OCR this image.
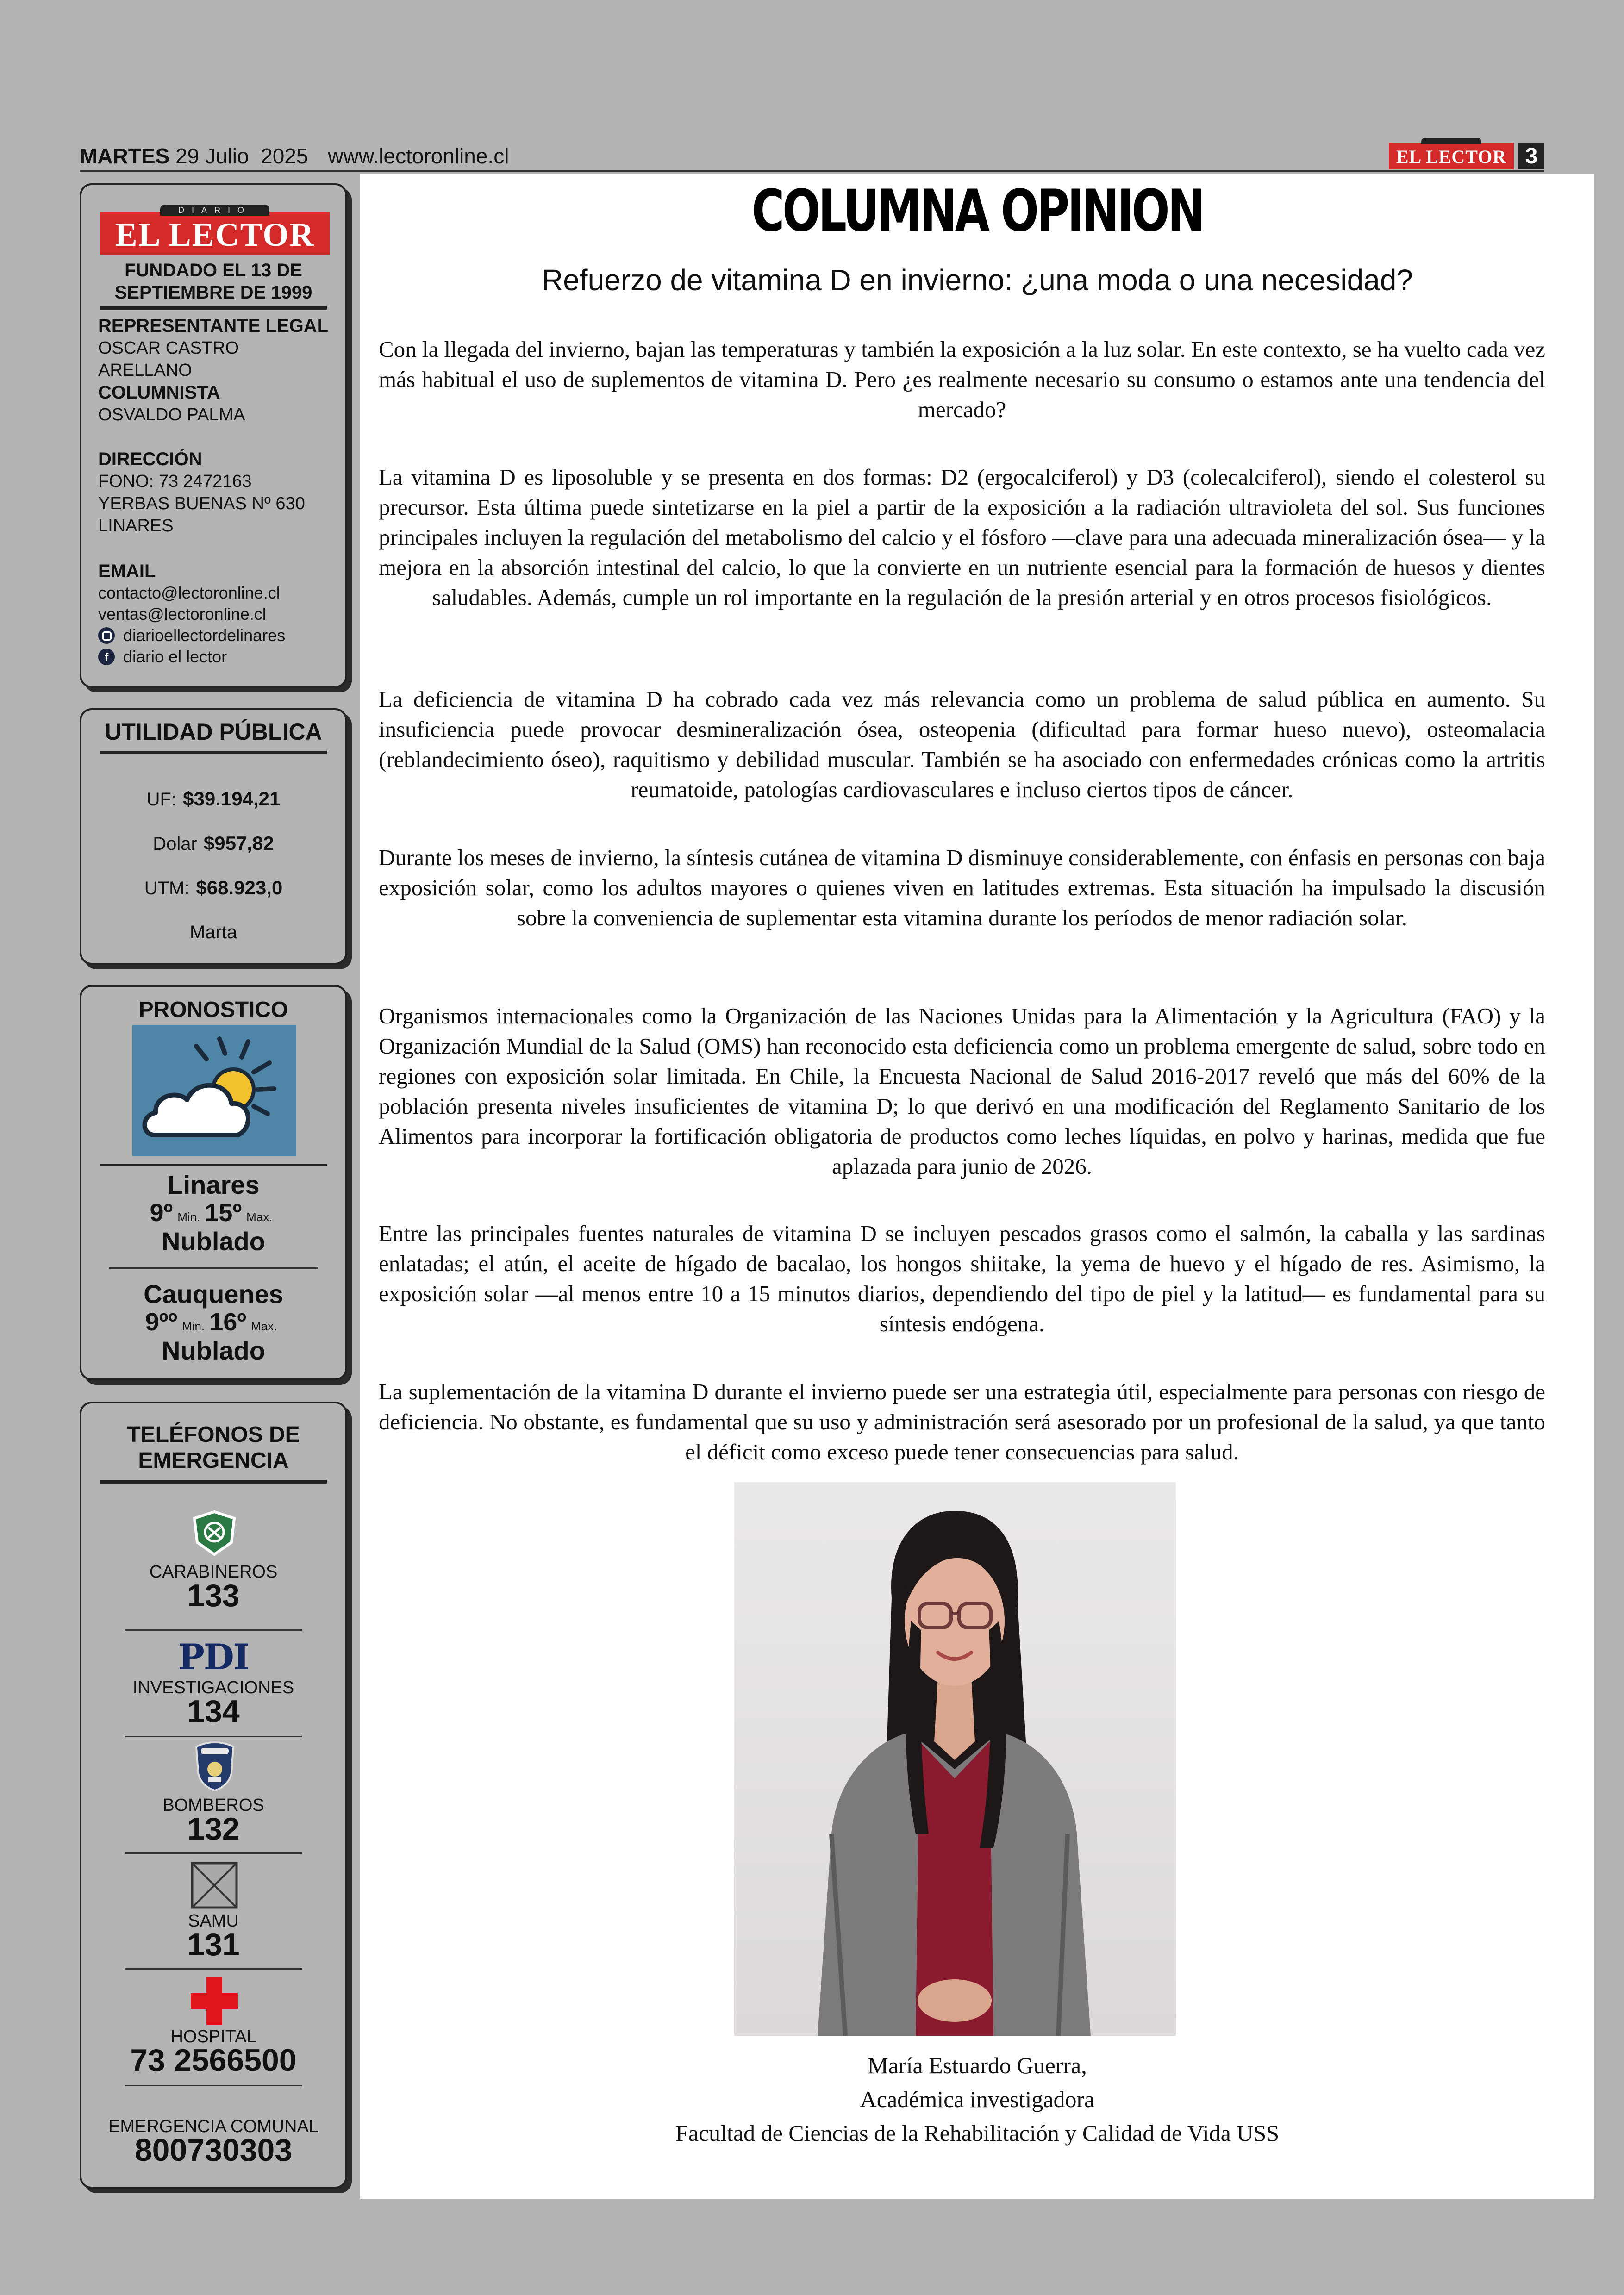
MARTES 29 Julio 2025 www.lectoronline.cl	EL LECTOR 3
EL LECTOR
DIARIO
FUNDADO EL 13 DE SEPTIEMBRE DE 1999
REPRESENTANTE LEGAL
OSCAR CASTRO ARELLANO
COLUMNISTA
OSVALDO PALMA
DIRECCIÓN
FONO: 73 2472163
YERBAS BUENAS Nº 630
LINARES
EMAIL
contacto@lectoronline.cl
ventas@lectoronline.cl
diarioellectordelinares
f diario el lector
UTILIDAD PÚBLICA
UF: $39.194,21
Dolar $957,82
UTM: $68.923,0
Marta
PRONOSTICO
Linares
9º Min. 15º Max.
Nublado
Cauquenes
9ºº Min. 16º Max.
Nublado
TELÉFONOS DE EMERGENCIA
CARABINEROS
133
PDI
INVESTIGACIONES
134
BOMBEROS
132
SAMU
131
HOSPITAL
73 2566500
EMERGENCIA COMUNAL
800730303
COLUMNA OPINION
Refuerzo de vitamina D en invierno: ¿una moda o una necesidad?
Con la llegada del invierno, bajan las temperaturas y también la exposición a la luz solar. En este contexto, se ha vuelto cada vez más habitual el uso de suplementos de vitamina D. Pero ¿es realmente necesario su consumo o estamos ante una tendencia del mercado?
La vitamina D es liposoluble y se presenta en dos formas: D2 (ergocalciferol) y D3 (colecalciferol), siendo el colesterol su precursor. Esta última puede sintetizarse en la piel a partir de la exposición a la radiación ultravioleta del sol. Sus funciones principales incluyen la regulación del metabolismo del calcio y el fósforo —clave para una adecuada mineralización ósea— y la mejora en la absorción intestinal del calcio, lo que la convierte en un nutriente esencial para la formación de huesos y dientes saludables. Además, cumple un rol importante en la regulación de la presión arterial y en otros procesos fisiológicos.
La deficiencia de vitamina D ha cobrado cada vez más relevancia como un problema de salud pública en aumento. Su insuficiencia puede provocar desmineralización ósea, osteopenia (dificultad para formar hueso nuevo), osteomalacia (reblandecimiento óseo), raquitismo y debilidad muscular. También se ha asociado con enfermedades crónicas como la artritis reumatoide, patologías cardiovasculares e incluso ciertos tipos de cáncer.
Durante los meses de invierno, la síntesis cutánea de vitamina D disminuye considerablemente, con énfasis en personas con baja exposición solar, como los adultos mayores o quienes viven en latitudes extremas. Esta situación ha impulsado la discusión sobre la conveniencia de suplementar esta vitamina durante los períodos de menor radiación solar.
Organismos internacionales como la Organización de las Naciones Unidas para la Alimentación y la Agricultura (FAO) y la Organización Mundial de la Salud (OMS) han reconocido esta deficiencia como un problema emergente de salud, sobre todo en regiones con exposición solar limitada. En Chile, la Encuesta Nacional de Salud 2016-2017 reveló que más del 60% de la población presenta niveles insuficientes de vitamina D; lo que derivó en una modificación del Reglamento Sanitario de los Alimentos para incorporar la fortificación obligatoria de productos como leches líquidas, en polvo y harinas, medida que fue aplazada para junio de 2026.
Entre las principales fuentes naturales de vitamina D se incluyen pescados grasos como el salmón, la caballa y las sardinas enlatadas; el atún, el aceite de hígado de bacalao, los hongos shiitake, la yema de huevo y el hígado de res. Asimismo, la exposición solar —al menos entre 10 a 15 minutos diarios, dependiendo del tipo de piel y la latitud— es fundamental para su síntesis endógena.
La suplementación de la vitamina D durante el invierno puede ser una estrategia útil, especialmente para personas con riesgo de deficiencia. No obstante, es fundamental que su uso y administración será asesorado por un profesional de la salud, ya que tanto el déficit como exceso puede tener consecuencias para salud.
María Estuardo Guerra,
Académica investigadora
Facultad de Ciencias de la Rehabilitación y Calidad de Vida USS
